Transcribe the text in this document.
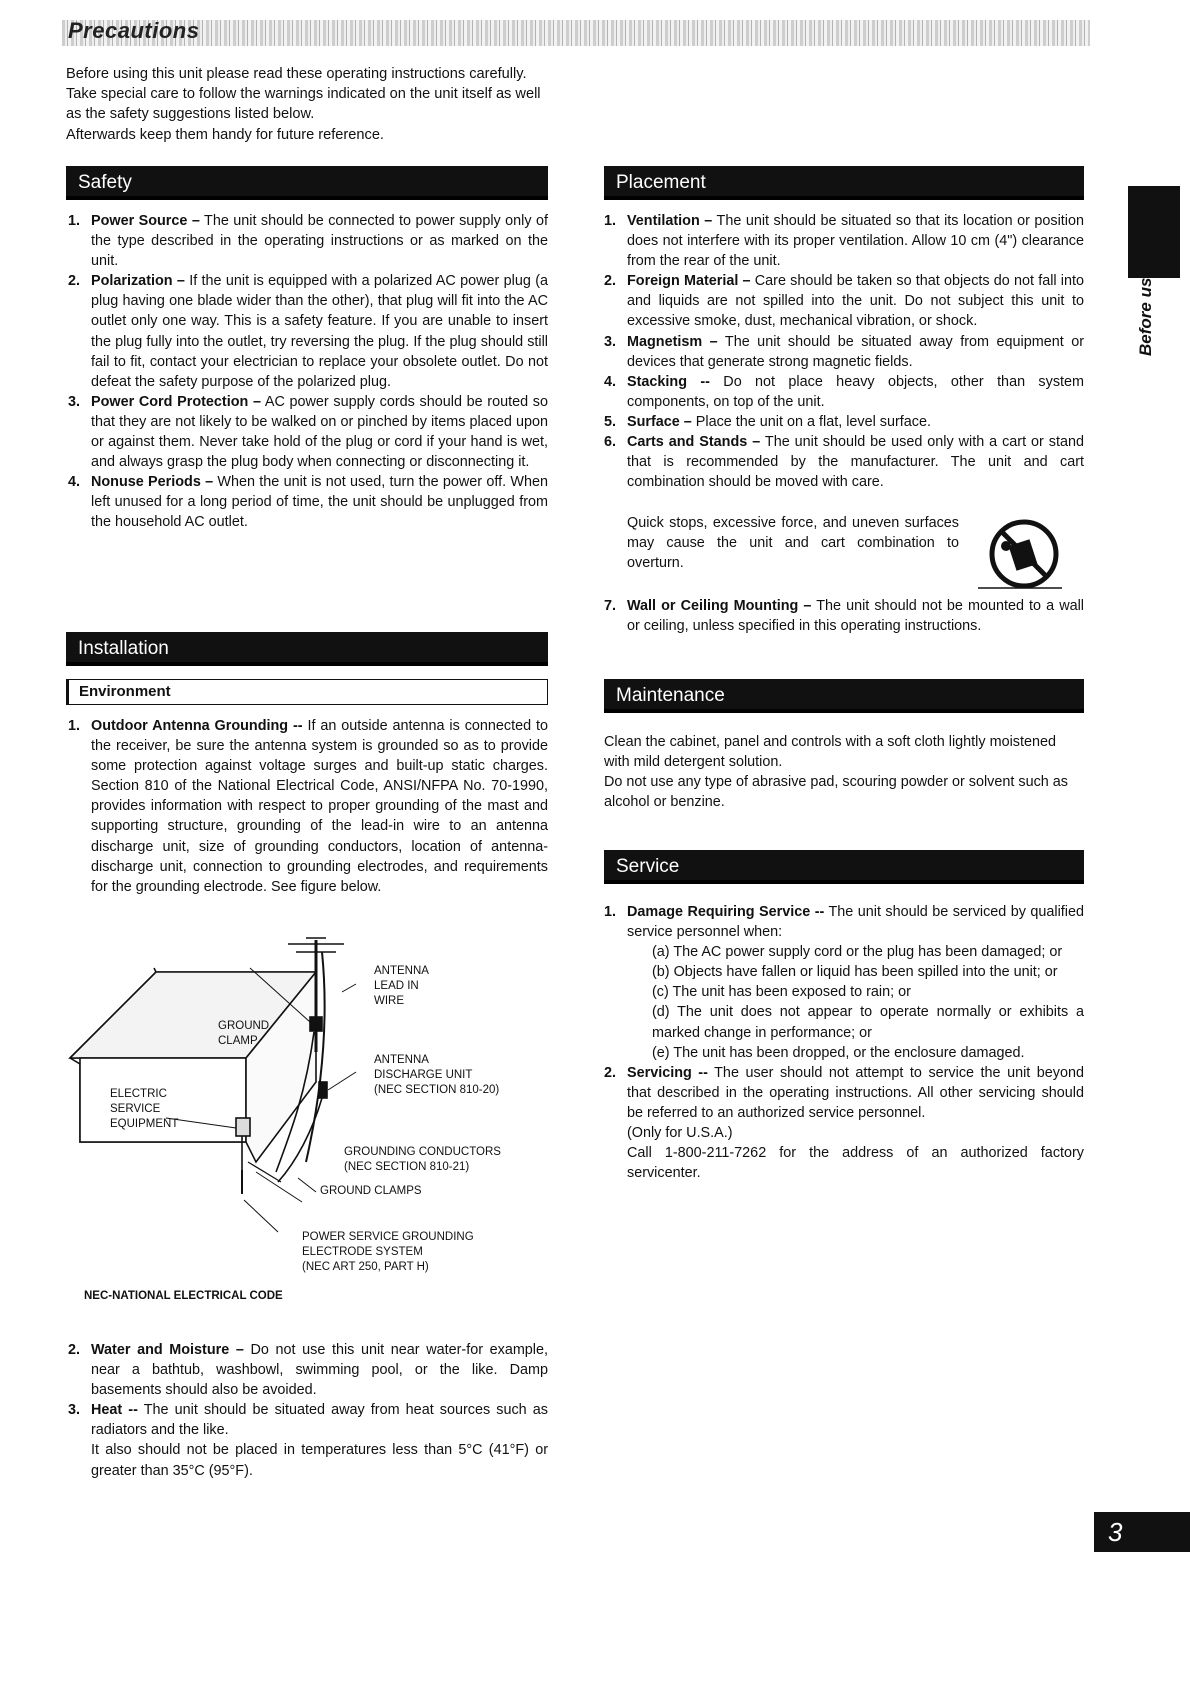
Precautions

Before using this unit please read these operating instructions carefully. Take special care to follow the warnings indicated on the unit itself as well as the safety suggestions listed below.

Afterwards keep them handy for future reference.

Safety
1. Power Source – The unit should be connected to power supply only of the type described in the operating instructions or as marked on the unit.
2. Polarization – If the unit is equipped with a polarized AC power plug (a plug having one blade wider than the other), that plug will fit into the AC outlet only one way. This is a safety feature. If you are unable to insert the plug fully into the outlet, try reversing the plug. If the plug should still fail to fit, contact your electrician to replace your obsolete outlet. Do not defeat the safety purpose of the polarized plug.
3. Power Cord Protection – AC power supply cords should be routed so that they are not likely to be walked on or pinched by items placed upon or against them. Never take hold of the plug or cord if your hand is wet, and always grasp the plug body when connecting or disconnecting it.
4. Nonuse Periods – When the unit is not used, turn the power off. When left unused for a long period of time, the unit should be unplugged from the household AC outlet.
Installation
Environment
1. Outdoor Antenna Grounding -- If an outside antenna is connected to the receiver, be sure the antenna system is grounded so as to provide some protection against voltage surges and built-up static charges. Section 810 of the National Electrical Code, ANSI/NFPA No. 70-1990, provides information with respect to proper grounding of the mast and supporting structure, grounding of the lead-in wire to an antenna discharge unit, size of grounding conductors, location of antenna-discharge unit, connection to grounding electrodes, and requirements for the grounding electrode. See figure below.
ANTENNA
LEAD IN
WIRE
GROUND
CLAMP
ANTENNA
DISCHARGE UNIT
(NEC SECTION 810-20)
ELECTRIC
SERVICE
EQUIPMENT
GROUNDING CONDUCTORS
(NEC SECTION 810-21)
GROUND CLAMPS
POWER SERVICE GROUNDING
ELECTRODE SYSTEM
(NEC ART 250, PART H)
NEC-NATIONAL ELECTRICAL CODE
2. Water and Moisture – Do not use this unit near water-for example, near a bathtub, washbowl, swimming pool, or the like. Damp basements should also be avoided.
3. Heat -- The unit should be situated away from heat sources such as radiators and the like.
It also should not be placed in temperatures less than 5°C (41°F) or greater than 35°C (95°F).
Placement
1. Ventilation – The unit should be situated so that its location or position does not interfere with its proper ventilation. Allow 10 cm (4") clearance from the rear of the unit.
2. Foreign Material – Care should be taken so that objects do not fall into and liquids are not spilled into the unit. Do not subject this unit to excessive smoke, dust, mechanical vibration, or shock.
3. Magnetism – The unit should be situated away from equipment or devices that generate strong magnetic fields.
4. Stacking -- Do not place heavy objects, other than system components, on top of the unit.
5. Surface – Place the unit on a flat, level surface.
6. Carts and Stands – The unit should be used only with a cart or stand that is recommended by the manufacturer. The unit and cart combination should be moved with care.
Quick stops, excessive force, and uneven surfaces may cause the unit and cart combination to overturn.
7. Wall or Ceiling Mounting – The unit should not be mounted to a wall or ceiling, unless specified in this operating instructions.
Maintenance

Clean the cabinet, panel and controls with a soft cloth lightly moistened with mild detergent solution.

Do not use any type of abrasive pad, scouring powder or solvent such as alcohol or benzine.

Service
1. Damage Requiring Service -- The unit should be serviced by qualified service personnel when:
(a) The AC power supply cord or the plug has been damaged; or
(b) Objects have fallen or liquid has been spilled into the unit; or
(c) The unit has been exposed to rain; or
(d) The unit does not appear to operate normally or exhibits a marked change in performance; or
(e) The unit has been dropped, or the enclosure damaged.
2. Servicing -- The user should not attempt to service the unit beyond that described in the operating instructions. All other servicing should be referred to an authorized service personnel.
(Only for U.S.A.)
Call 1-800-211-7262 for the address of an authorized factory servicenter.
Before use
3
